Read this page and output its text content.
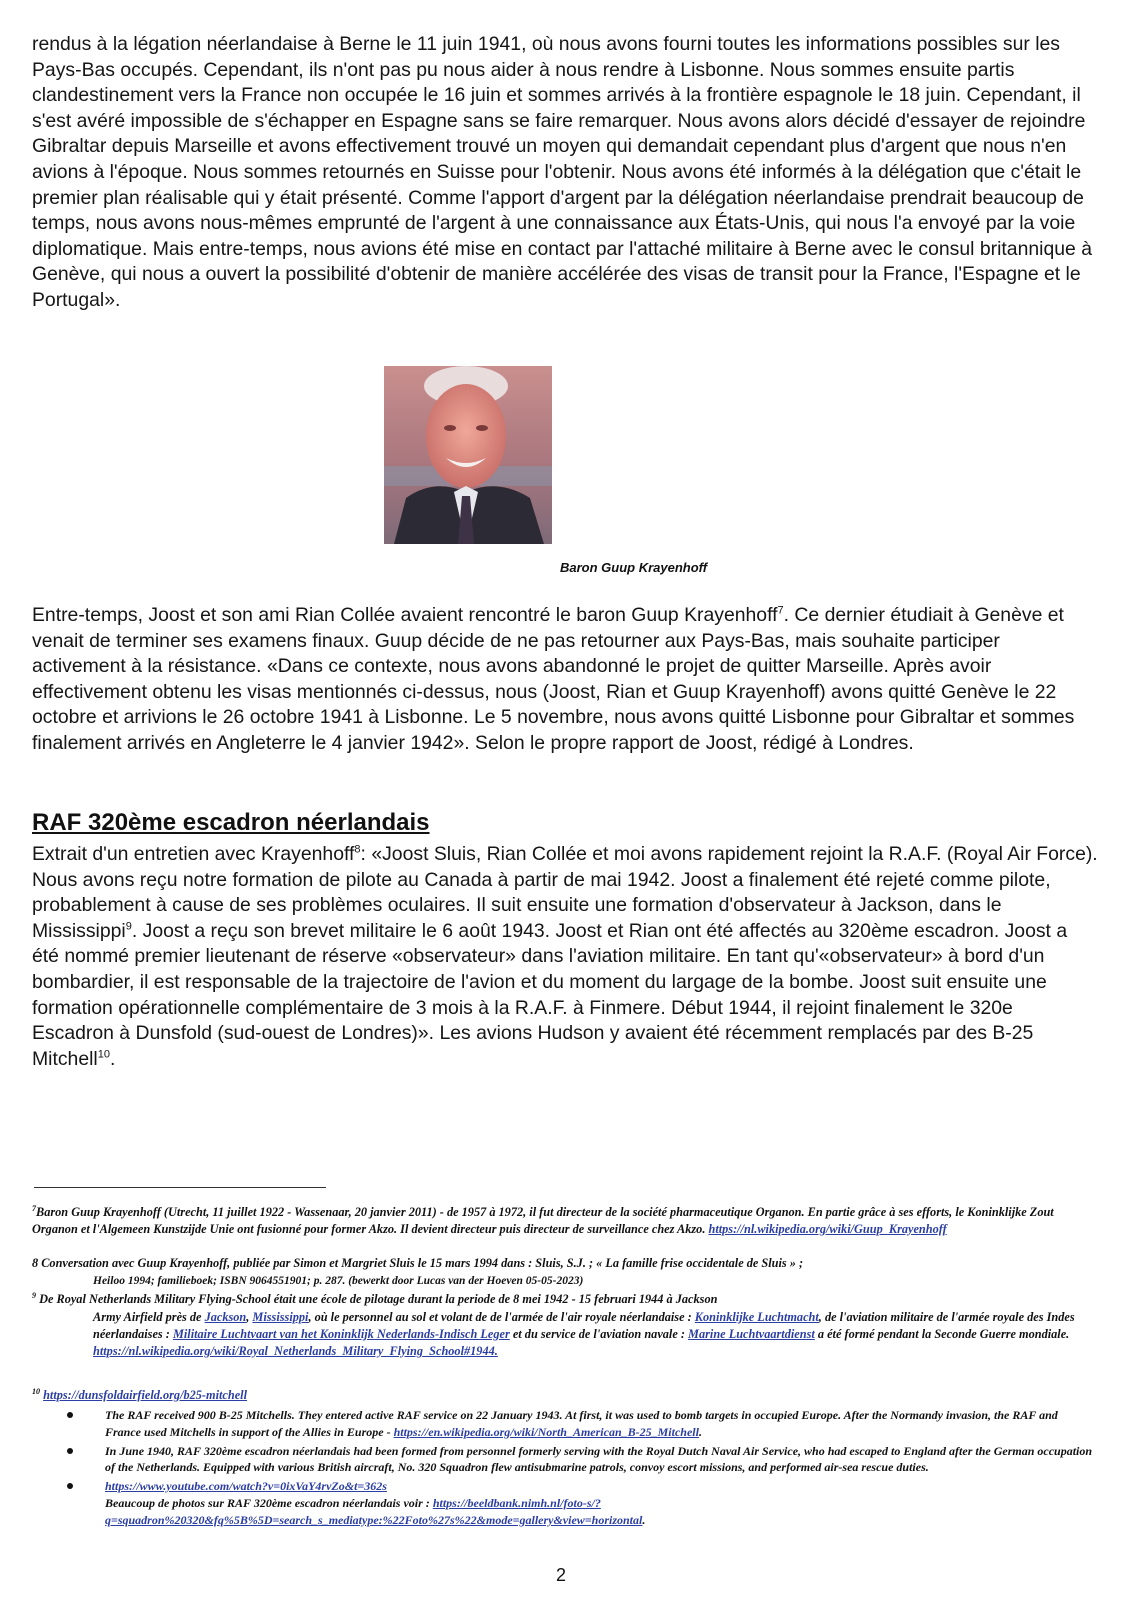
rendus à la légation néerlandaise à Berne le 11 juin 1941, où nous avons fourni toutes les informations possibles sur les Pays-Bas occupés. Cependant, ils n'ont pas pu nous aider à nous rendre à Lisbonne. Nous sommes ensuite partis clandestinement vers la France non occupée le 16 juin et sommes arrivés à la frontière espagnole le 18 juin. Cependant, il s'est avéré impossible de s'échapper en Espagne sans se faire remarquer. Nous avons alors décidé d'essayer de rejoindre Gibraltar depuis Marseille et avons effectivement trouvé un moyen qui demandait cependant plus d'argent que nous n'en avions à l'époque. Nous sommes retournés en Suisse pour l'obtenir. Nous avons été informés à la délégation que c'était le premier plan réalisable qui y était présenté. Comme l'apport d'argent par la délégation néerlandaise prendrait beaucoup de temps, nous avons nous-mêmes emprunté de l'argent à une connaissance aux États-Unis, qui nous l'a envoyé par la voie diplomatique. Mais entre-temps, nous avions été mise en contact par l'attaché militaire à Berne avec le consul britannique à Genève, qui nous a ouvert la possibilité d'obtenir de manière accélérée des visas de transit pour la France, l'Espagne et le Portugal».

Baron Guup Krayenhoff

Entre-temps, Joost et son ami Rian Collée avaient rencontré le baron Guup Krayenhoff$^7$. Ce dernier étudiait à Genève et venait de terminer ses examens finaux. Guup décide de ne pas retourner aux Pays-Bas, mais souhaite participer activement à la résistance. «Dans ce contexte, nous avons abandonné le projet de quitter Marseille. Après avoir effectivement obtenu les visas mentionnés ci-dessus, nous (Joost, Rian et Guup Krayenhoff) avons quitté Genève le 22 octobre et arrivions le 26 octobre 1941 à Lisbonne. Le 5 novembre, nous avons quitté Lisbonne pour Gibraltar et sommes finalement arrivés en Angleterre le 4 janvier 1942». Selon le propre rapport de Joost, rédigé à Londres.

RAF 320ème escadron néerlandais

Extrait d'un entretien avec Krayenhoff$^8$: «Joost Sluis, Rian Collée et moi avons rapidement rejoint la R.A.F. (Royal Air Force). Nous avons reçu notre formation de pilote au Canada à partir de mai 1942. Joost a finalement été rejeté comme pilote, probablement à cause de ses problèmes oculaires. Il suit ensuite une formation d'observateur à Jackson, dans le Mississippi$^9$. Joost a reçu son brevet militaire le 6 août 1943. Joost et Rian ont été affectés au 320ème escadron. Joost a été nommé premier lieutenant de réserve «observateur» dans l'aviation militaire. En tant qu'«observateur» à bord d'un bombardier, il est responsable de la trajectoire de l'avion et du moment du largage de la bombe. Joost suit ensuite une formation opérationnelle complémentaire de 3 mois à la R.A.F. à Finmere. Début 1944, il rejoint finalement le 320e Escadron à Dunsfold (sud-ouest de Londres)». Les avions Hudson y avaient été récemment remplacés par des B-25 Mitchell$^{10}$.

$^7$Baron Guup Krayenhoff (Utrecht, 11 juillet 1922 - Wassenaar, 20 janvier 2011) - de 1957 à 1972, il fut directeur de la société pharmaceutique Organon. En partie grâce à ses efforts, le Koninklijke Zout Organon et l'Algemeen Kunstzijde Unie ont fusionné pour former Akzo. Il devient directeur puis directeur de surveillance chez Akzo. https://nl.wikipedia.org/wiki/Guup_Krayenhoff

8 Conversation avec Guup Krayenhoff, publiée par Simon et Margriet Sluis le 15 mars 1994 dans : Sluis, S.J. ; « La famille frise occidentale de Sluis » ;

Heiloo 1994; familieboek; ISBN 9064551901; p. 287. (bewerkt door Lucas van der Hoeven 05-05-2023)

$^9$ De Royal Netherlands Military Flying-School était une école de pilotage durant la periode de 8 mei 1942 - 15 februari 1944 à Jackson

Army Airfield près de Jackson, Mississippi, où le personnel au sol et volant de de l'armée de l'air royale néerlandaise : Koninklijke Luchtmacht, de l'aviation militaire de l'armée royale des Indes néerlandaises : Militaire Luchtvaart van het Koninklijk Nederlands-Indisch Leger et du service de l'aviation navale : Marine Luchtvaartdienst a été formé pendant la Seconde Guerre mondiale.
https://nl.wikipedia.org/wiki/Royal_Netherlands_Military_Flying_School#1944.

$^{10}$ https://dunsfoldairfield.org/b25-mitchell

The RAF received 900 B-25 Mitchells. They entered active RAF service on 22 January 1943. At first, it was used to bomb targets in occupied Europe. After the Normandy invasion, the RAF and France used Mitchells in support of the Allies in Europe - https://en.wikipedia.org/wiki/North_American_B-25_Mitchell.
In June 1940, RAF 320ème escadron néerlandais had been formed from personnel formerly serving with the Royal Dutch Naval Air Service, who had escaped to England after the German occupation of the Netherlands. Equipped with various British aircraft, No. 320 Squadron flew antisubmarine patrols, convoy escort missions, and performed air-sea rescue duties.
https://www.youtube.com/watch?v=0ixVaY4rvZo&t=362s
Beaucoup de photos sur RAF 320ème escadron néerlandais voir : https://beeldbank.nimh.nl/foto-s/?q=squadron%20320&fq%5B%5D=search_s_mediatype:%22Foto%27s%22&mode=gallery&view=horizontal.
2
